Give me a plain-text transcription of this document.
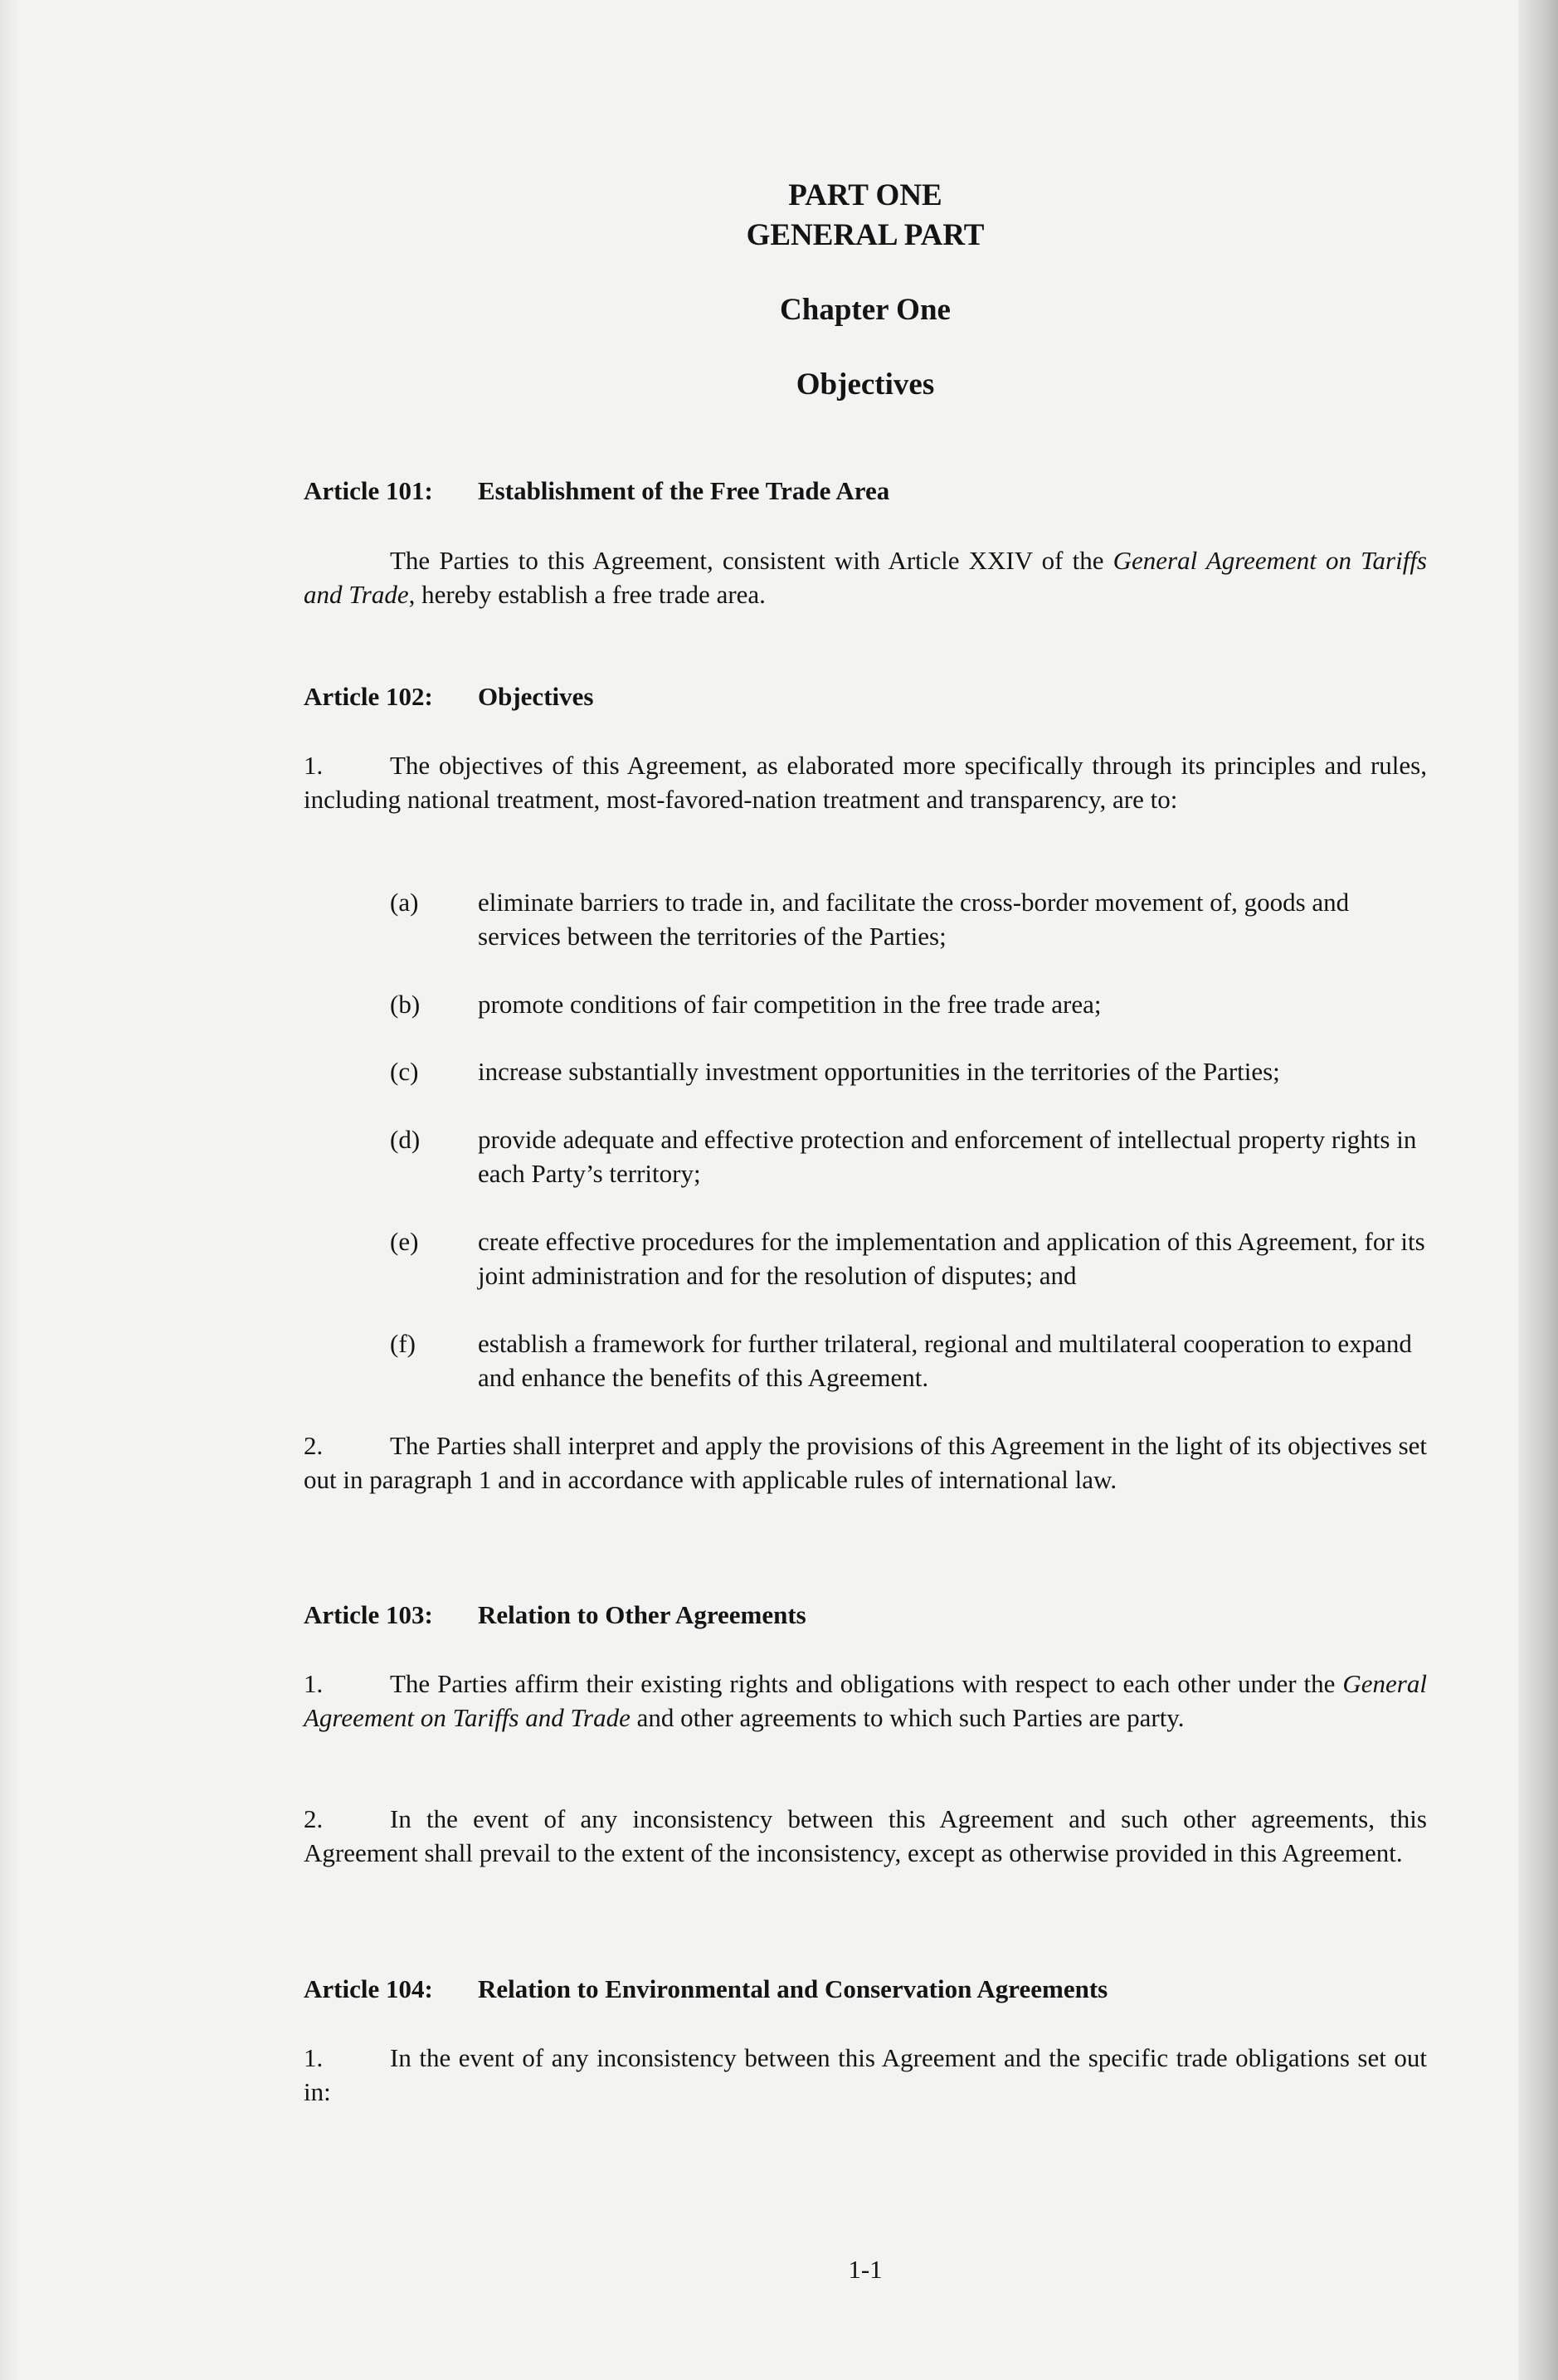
PART ONE

GENERAL PART

Chapter One

Objectives

Article 101: Establishment of the Free Trade Area

The Parties to this Agreement, consistent with Article XXIV of the General Agreement on Tariffs and Trade, hereby establish a free trade area.

Article 102: Objectives

1.	The objectives of this Agreement, as elaborated more specifically through its principles and rules, including national treatment, most-favored-nation treatment and transparency, are to:

(a)	eliminate barriers to trade in, and facilitate the cross-border movement of, goods and services between the territories of the Parties;
(b)	promote conditions of fair competition in the free trade area;
(c)	increase substantially investment opportunities in the territories of the Parties;
(d)	provide adequate and effective protection and enforcement of intellectual property rights in each Party’s territory;
(e)	create effective procedures for the implementation and application of this Agreement, for its joint administration and for the resolution of disputes; and
(f)	establish a framework for further trilateral, regional and multilateral cooperation to expand and enhance the benefits of this Agreement.

2.	The Parties shall interpret and apply the provisions of this Agreement in the light of its objectives set out in paragraph 1 and in accordance with applicable rules of international law.

Article 103: Relation to Other Agreements

1.	The Parties affirm their existing rights and obligations with respect to each other under the General Agreement on Tariffs and Trade and other agreements to which such Parties are party.

2.	In the event of any inconsistency between this Agreement and such other agreements, this Agreement shall prevail to the extent of the inconsistency, except as otherwise provided in this Agreement.

Article 104: Relation to Environmental and Conservation Agreements

1.	In the event of any inconsistency between this Agreement and the specific trade obligations set out in:

1-1
